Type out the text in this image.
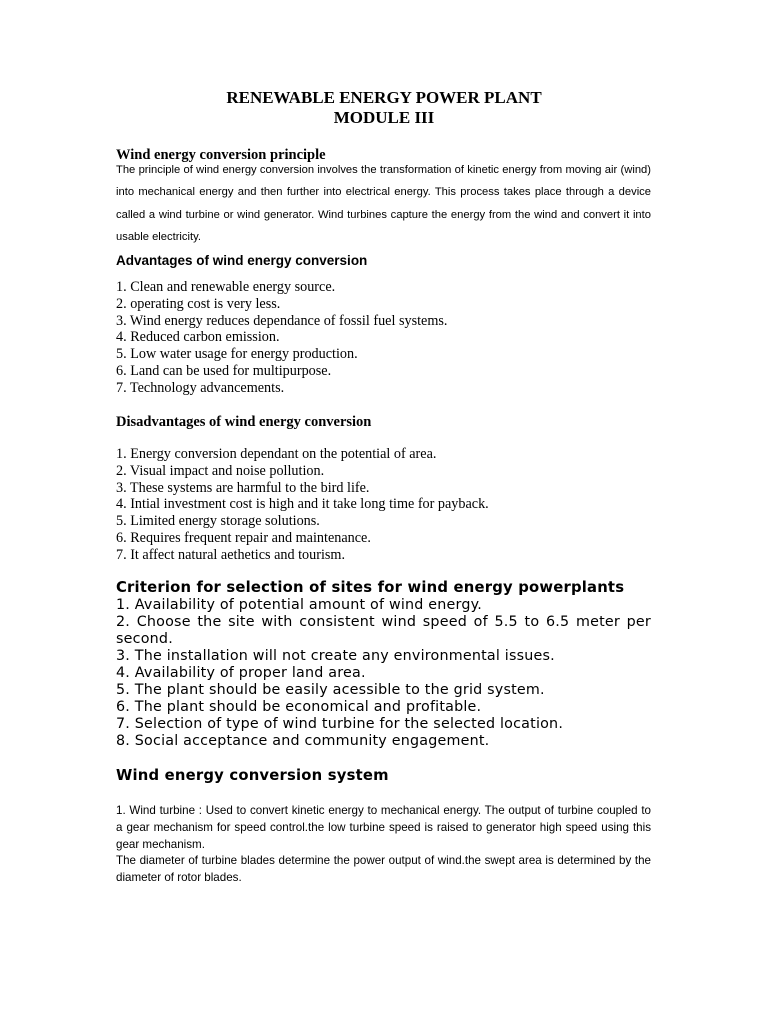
RENEWABLE ENERGY POWER PLANT
MODULE III
Wind energy conversion principle
The principle of wind energy conversion involves the transformation of kinetic energy from moving air (wind) into mechanical energy and then further into electrical energy. This process takes place through a device called a wind turbine or wind generator. Wind turbines capture the energy from the wind and convert it into usable electricity.
Advantages of wind energy conversion
1. Clean and renewable energy source.
2. operating cost is very less.
3. Wind energy reduces dependance of fossil fuel systems.
4. Reduced carbon emission.
5. Low water usage for energy production.
6. Land can be used for multipurpose.
7. Technology advancements.
Disadvantages of wind energy conversion
1. Energy conversion dependant on the potential of area.
2. Visual impact and noise pollution.
3. These systems are harmful to the bird life.
4. Intial investment cost is high and it take long time for payback.
5. Limited energy storage solutions.
6. Requires frequent repair and maintenance.
7. It affect natural aethetics and tourism.
Criterion for selection of sites for wind energy powerplants
1. Availability of potential amount of wind energy.
2. Choose the site with consistent wind speed of 5.5 to 6.5 meter per second.
3. The installation will not create any environmental issues.
4. Availability of proper land area.
5. The plant should be easily acessible to the grid system.
6. The plant should be economical and profitable.
7. Selection of type of wind turbine for the selected location.
8. Social acceptance and community engagement.
Wind energy conversion system

1. Wind turbine : Used to convert kinetic energy to mechanical energy. The output of turbine coupled to a gear mechanism for speed control.the low turbine speed is raised to generator high speed using this gear mechanism.

The diameter of turbine blades determine the power output of wind.the swept area is determined by the diameter of rotor blades.
